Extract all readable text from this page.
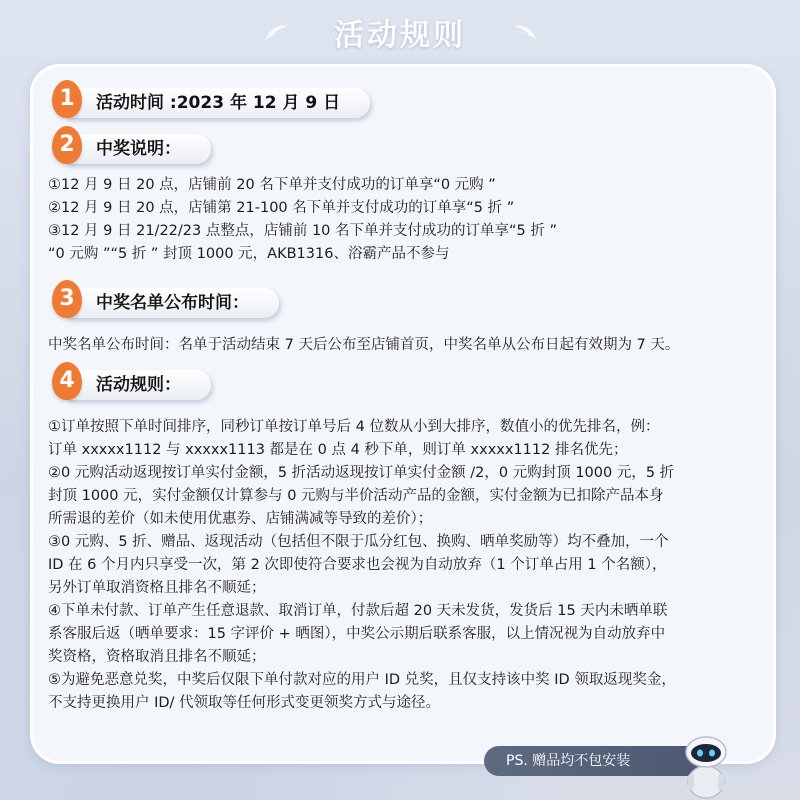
活动规则
1	活动时间 :2023 年 12 月 9 日
2	中奖说明：
①12 月 9 日 20 点，店铺前 20 名下单并支付成功的订单享“0 元购 ”
②12 月 9 日 20 点，店铺第 21-100 名下单并支付成功的订单享“5 折 ”
③12 月 9 日 21/22/23 点整点，店铺前 10 名下单并支付成功的订单享“5 折 ”
“0 元购 ”“5 折 ” 封顶 1000 元，AKB1316、浴霸产品不参与
3	中奖名单公布时间：
中奖名单公布时间：名单于活动结束 7 天后公布至店铺首页，中奖名单从公布日起有效期为 7 天。
4	活动规则：
①订单按照下单时间排序，同秒订单按订单号后 4 位数从小到大排序，数值小的优先排名，例：
订单 xxxxx1112 与 xxxxx1113 都是在 0 点 4 秒下单，则订单 xxxxx1112 排名优先；
②0 元购活动返现按订单实付金额，5 折活动返现按订单实付金额 /2，0 元购封顶 1000 元，5 折
封顶 1000 元，实付金额仅计算参与 0 元购与半价活动产品的金额，实付金额为已扣除产品本身
所需退的差价（如未使用优惠券、店铺满减等导致的差价）；
③0 元购、5 折、赠品、返现活动（包括但不限于瓜分红包、换购、晒单奖励等）均不叠加，一个
ID 在 6 个月内只享受一次，第 2 次即使符合要求也会视为自动放弃（1 个订单占用 1 个名额），
另外订单取消资格且排名不顺延；
④下单未付款、订单产生任意退款、取消订单，付款后超 20 天未发货，发货后 15 天内未晒单联
系客服后返（晒单要求：15 字评价 + 晒图），中奖公示期后联系客服，以上情况视为自动放弃中
奖资格，资格取消且排名不顺延；
⑤为避免恶意兑奖，中奖后仅限下单付款对应的用户 ID 兑奖，且仅支持该中奖 ID 领取返现奖金，
不支持更换用户 ID/ 代领取等任何形式变更领奖方式与途径。
PS. 赠品均不包安装
